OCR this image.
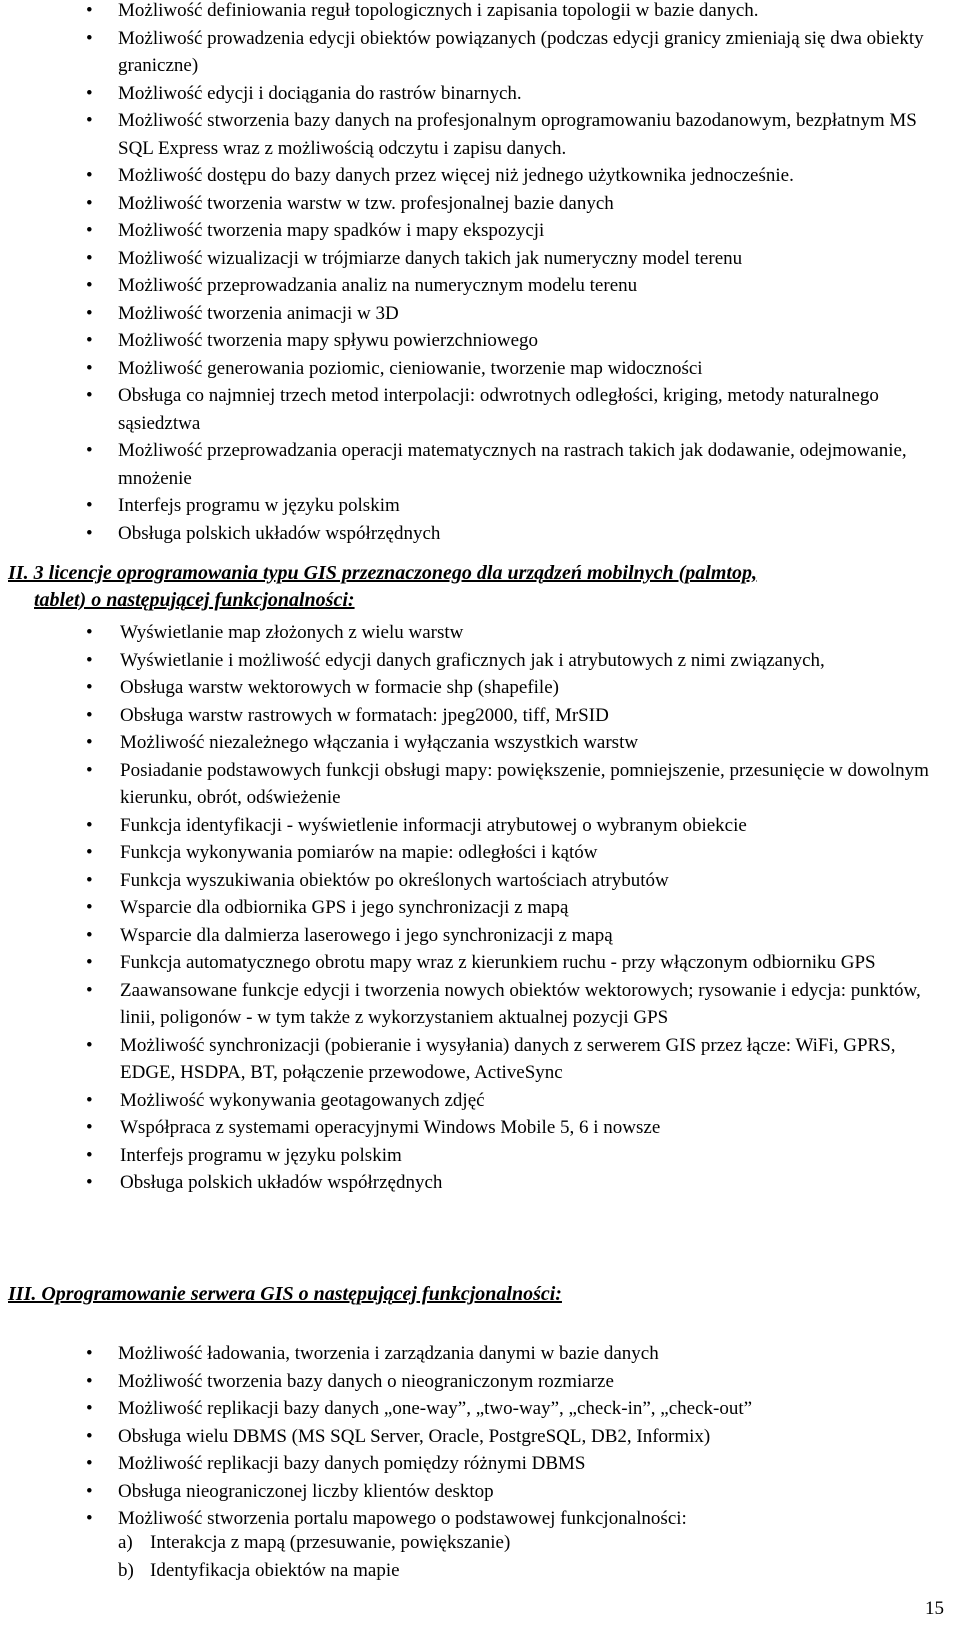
• Możliwość definiowania reguł topologicznych i zapisania topologii w bazie danych.
• Możliwość prowadzenia edycji obiektów powiązanych (podczas edycji granicy zmieniają się dwa obiekty graniczne)
• Możliwość edycji i dociągania do rastrów binarnych.
• Możliwość stworzenia bazy danych na profesjonalnym oprogramowaniu bazodanowym, bezpłatnym MS SQL Express wraz z możliwością odczytu i zapisu danych.
• Możliwość dostępu do bazy danych przez więcej niż jednego użytkownika jednocześnie.
• Możliwość tworzenia warstw w tzw. profesjonalnej bazie danych
• Możliwość tworzenia mapy spadków i mapy ekspozycji
• Możliwość wizualizacji w trójmiarze danych takich jak numeryczny model terenu
• Możliwość przeprowadzania analiz na numerycznym modelu terenu
• Możliwość tworzenia animacji w 3D
• Możliwość tworzenia mapy spływu powierzchniowego
• Możliwość generowania poziomic, cieniowanie, tworzenie map widoczności
• Obsługa co najmniej trzech metod interpolacji: odwrotnych odległości, kriging, metody naturalnego sąsiedztwa
• Możliwość przeprowadzania operacji matematycznych na rastrach takich jak dodawanie, odejmowanie, mnożenie
• Interfejs programu w języku polskim
• Obsługa polskich układów współrzędnych
II. 3 licencje oprogramowania typu GIS przeznaczonego dla urządzeń mobilnych (palmtop,
tablet) o następującej funkcjonalności:
• Wyświetlanie map złożonych z wielu warstw
• Wyświetlanie i możliwość edycji danych graficznych jak i atrybutowych z nimi związanych,
• Obsługa warstw wektorowych w formacie shp (shapefile)
• Obsługa warstw rastrowych w formatach: jpeg2000, tiff, MrSID
• Możliwość niezależnego włączania i wyłączania wszystkich warstw
• Posiadanie podstawowych funkcji obsługi mapy: powiększenie, pomniejszenie, przesunięcie w dowolnym kierunku, obrót, odświeżenie
• Funkcja identyfikacji - wyświetlenie informacji atrybutowej o wybranym obiekcie
• Funkcja wykonywania pomiarów na mapie: odległości i kątów
• Funkcja wyszukiwania obiektów po określonych wartościach atrybutów
• Wsparcie dla odbiornika GPS i jego synchronizacji z mapą
• Wsparcie dla dalmierza laserowego i jego synchronizacji z mapą
• Funkcja automatycznego obrotu mapy wraz z kierunkiem ruchu - przy włączonym odbiorniku GPS
• Zaawansowane funkcje edycji i tworzenia nowych obiektów wektorowych; rysowanie i edycja: punktów, linii, poligonów - w tym także z wykorzystaniem aktualnej pozycji GPS
• Możliwość synchronizacji (pobieranie i wysyłania) danych z serwerem GIS przez łącze: WiFi, GPRS, EDGE, HSDPA, BT, połączenie przewodowe, ActiveSync
• Możliwość wykonywania geotagowanych zdjęć
• Współpraca z systemami operacyjnymi Windows Mobile 5, 6 i nowsze
• Interfejs programu w języku polskim
• Obsługa polskich układów współrzędnych
III. Oprogramowanie serwera GIS o następującej funkcjonalności:
• Możliwość ładowania, tworzenia i zarządzania danymi w bazie danych
• Możliwość tworzenia bazy danych o nieograniczonym rozmiarze
• Możliwość replikacji bazy danych „one-way”, „two-way”, „check-in”, „check-out”
• Obsługa wielu DBMS (MS SQL Server, Oracle, PostgreSQL, DB2, Informix)
• Możliwość replikacji bazy danych pomiędzy różnymi DBMS
• Obsługa nieograniczonej liczby klientów desktop
• Możliwość stworzenia portalu mapowego o podstawowej funkcjonalności:
a) Interakcja z mapą (przesuwanie, powiększanie)
b) Identyfikacja obiektów na mapie
15
